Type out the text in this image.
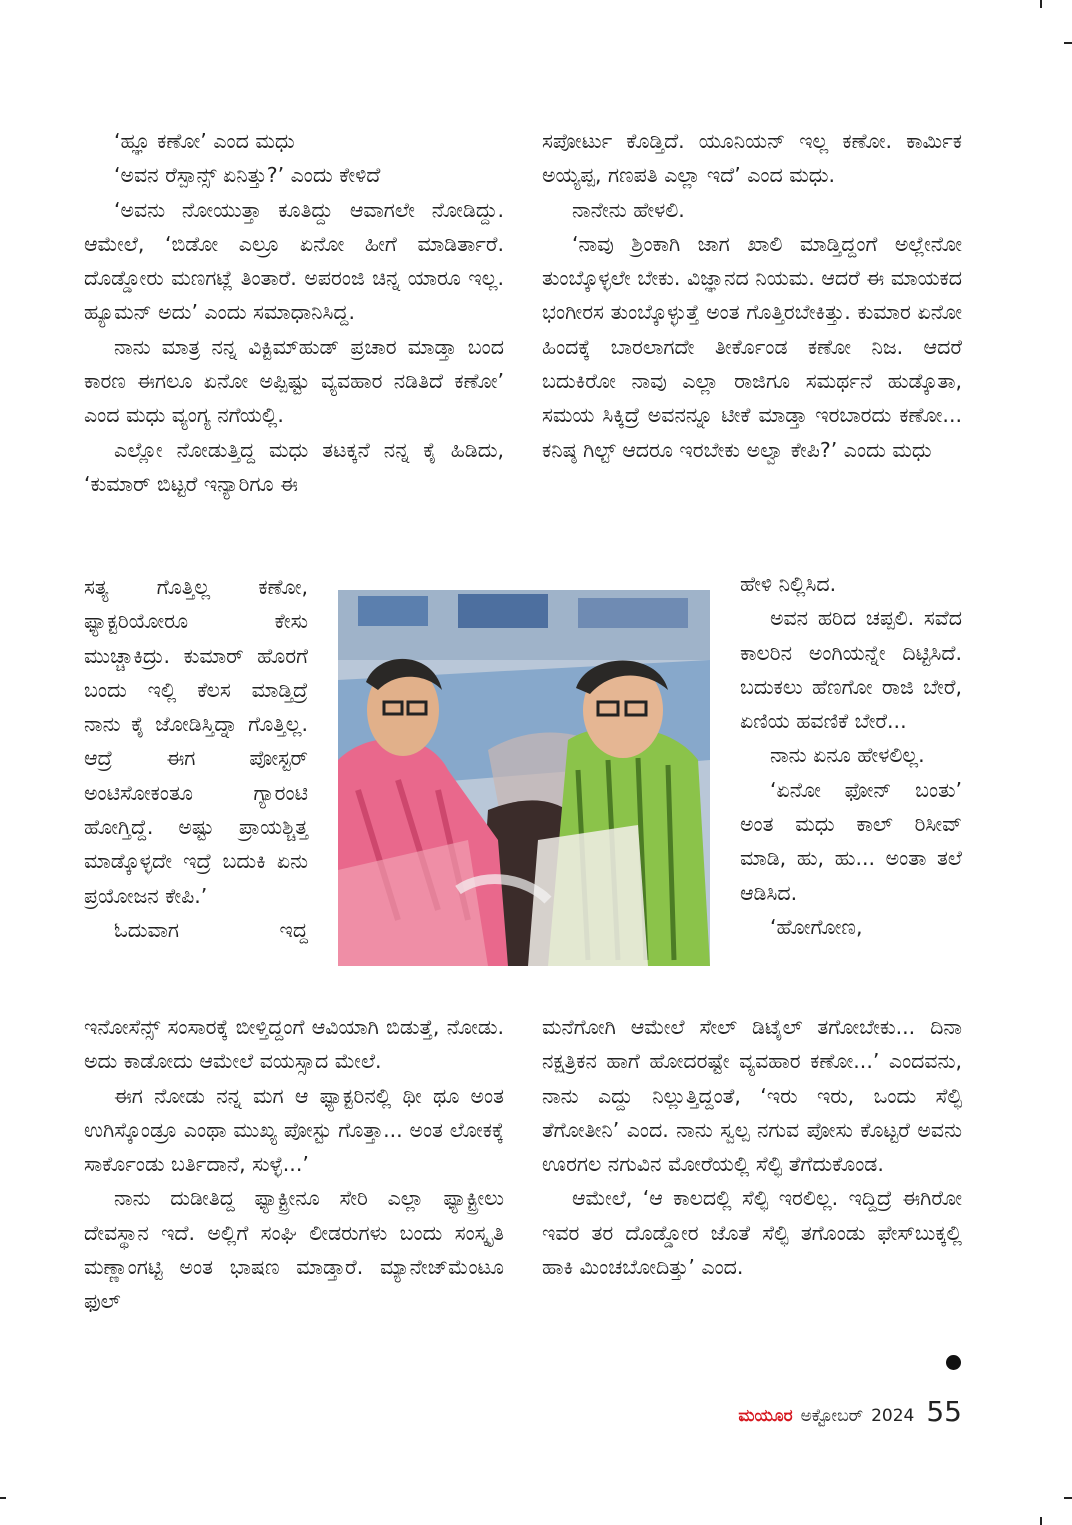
‘ಹ್ಞೂ ಕಣೋ’ ಎಂದ ಮಧು

‘ಅವನ ರೆಸ್ಪಾನ್ಸ್ ಏನಿತ್ತು?’ ಎಂದು ಕೇಳಿದೆ

‘ಅವನು ನೋಯುತ್ತಾ ಕೂತಿದ್ದು ಆವಾಗಲೇ ನೋಡಿದ್ದು. ಆಮೇಲೆ, ‘ಬಿಡೋ ಎಲ್ರೂ ಏನೋ ಹೀಗೆ ಮಾಡಿರ್ತಾರೆ. ದೊಡ್ಡೋರು ಮಣಗಟ್ಲೆ ತಿಂತಾರೆ. ಅಪರಂಜಿ ಚಿನ್ನ ಯಾರೂ ಇಲ್ಲ. ಹ್ಯೂಮನ್ ಅದು’ ಎಂದು ಸಮಾಧಾನಿಸಿದ್ದ.

ನಾನು ಮಾತ್ರ ನನ್ನ ವಿಕ್ಟಿಮ್‌ಹುಡ್ ಪ್ರಚಾರ ಮಾಡ್ತಾ ಬಂದ ಕಾರಣ ಈಗಲೂ ಏನೋ ಅಪ್ಪಿಷ್ಟು ವ್ಯವಹಾರ ನಡಿತಿದೆ ಕಣೋ’ ಎಂದ ಮಧು ವ್ಯಂಗ್ಯ ನಗೆಯಲ್ಲಿ.

ಎಲ್ಲೋ ನೋಡುತ್ತಿದ್ದ ಮಧು ತಟಕ್ಕನೆ ನನ್ನ ಕೈ ಹಿಡಿದು, ‘ಕುಮಾರ್ ಬಿಟ್ಟರೆ ಇನ್ಯಾರಿಗೂ ಈ

ಸತ್ಯ ಗೊತ್ತಿಲ್ಲ ಕಣೋ, ಫ್ಯಾಕ್ಟರಿಯೋರೂ ಕೇಸು ಮುಚ್ಚಾಕಿದ್ರು. ಕುಮಾರ್ ಹೊರಗೆ ಬಂದು ಇಲ್ಲಿ ಕೆಲಸ ಮಾಡ್ತಿದ್ರೆ ನಾನು ಕೈ ಜೋಡಿಸ್ತಿದ್ನಾ ಗೊತ್ತಿಲ್ಲ. ಆದ್ರೆ ಈಗ ಪೋಸ್ಟರ್ ಅಂಟಿಸೋಕಂತೂ ಗ್ಯಾರಂಟಿ ಹೋಗ್ತಿದ್ದೆ. ಅಷ್ಟು ಪ್ರಾಯಶ್ಚಿತ್ತ ಮಾಡ್ಕೊಳ್ಳದೇ ಇದ್ರೆ ಬದುಕಿ ಏನು ಪ್ರಯೋಜನ ಕೇಪಿ.’

ಓದುವಾಗ ಇದ್ದ

ಇನೋಸೆನ್ಸ್ ಸಂಸಾರಕ್ಕೆ ಬೀಳ್ತಿದ್ದಂಗೆ ಆವಿಯಾಗಿ ಬಿಡುತ್ತೆ, ನೋಡು. ಅದು ಕಾಡೋದು ಆಮೇಲೆ ವಯಸ್ಸಾದ ಮೇಲೆ.

ಈಗ ನೋಡು ನನ್ನ ಮಗ ಆ ಫ್ಯಾಕ್ಟರಿನಲ್ಲಿ ಥೀ ಥೂ ಅಂತ ಉಗಿಸ್ಕೊಂಡ್ರೂ ಎಂಥಾ ಮುಖ್ಯ ಪೋಸ್ಟು ಗೊತ್ತಾ... ಅಂತ ಲೋಕಕ್ಕೆ ಸಾರ್ಕೊಂಡು ಬರ್ತಿದಾನೆ, ಸುಳ್ಳೆ...’

ನಾನು ದುಡೀತಿದ್ದ ಫ್ಯಾಕ್ಟ್ರೀನೂ ಸೇರಿ ಎಲ್ಲಾ ಫ್ಯಾಕ್ಟ್ರೀಲು ದೇವಸ್ಥಾನ ಇದೆ. ಅಲ್ಲಿಗೆ ಸಂಘಿ ಲೀಡರುಗಳು ಬಂದು ಸಂಸ್ಕೃತಿ ಮಣ್ಣಾಂಗಟ್ಟಿ ಅಂತ ಭಾಷಣ ಮಾಡ್ತಾರೆ. ಮ್ಯಾನೇಜ್‌ಮೆಂಟೂ ಫುಲ್

ಸಪೋರ್ಟು ಕೊಡ್ತಿದೆ. ಯೂನಿಯನ್ ಇಲ್ಲ ಕಣೋ. ಕಾರ್ಮಿಕ ಅಯ್ಯಪ್ಪ, ಗಣಪತಿ ಎಲ್ಲಾ ಇದೆ’ ಎಂದ ಮಧು.

ನಾನೇನು ಹೇಳಲಿ.

‘ನಾವು ಶ್ರಿಂಕಾಗಿ ಜಾಗ ಖಾಲಿ ಮಾಡ್ತಿದ್ದಂಗೆ ಅಲ್ಲೇನೋ ತುಂಬ್ಕೊಳ್ಳಲೇ ಬೇಕು. ವಿಜ್ಞಾನದ ನಿಯಮ. ಆದರೆ ಈ ಮಾಯಕದ ಭಂಗೀರಸ ತುಂಬ್ಕೊಳ್ಳುತ್ತೆ ಅಂತ ಗೊತ್ತಿರಬೇಕಿತ್ತು. ಕುಮಾರ ಏನೋ ಹಿಂದಕ್ಕೆ ಬಾರಲಾಗದೇ ತೀರ್ಕೊಂಡ ಕಣೋ ನಿಜ. ಆದರೆ ಬದುಕಿರೋ ನಾವು ಎಲ್ಲಾ ರಾಜಿಗೂ ಸಮರ್ಥನೆ ಹುಡ್ಕೊತಾ, ಸಮಯ ಸಿಕ್ಕಿದ್ರೆ ಅವನನ್ನೂ ಟೀಕೆ ಮಾಡ್ತಾ ಇರಬಾರದು ಕಣೋ... ಕನಿಷ್ಠ ಗಿಲ್ಟ್ ಆದರೂ ಇರಬೇಕು ಅಲ್ವಾ ಕೇಪಿ?’ ಎಂದು ಮಧು

ಹೇಳಿ ನಿಲ್ಲಿಸಿದ.

ಅವನ ಹರಿದ ಚಪ್ಪಲಿ. ಸವೆದ ಕಾಲರಿನ ಅಂಗಿಯನ್ನೇ ದಿಟ್ಟಿಸಿದೆ. ಬದುಕಲು ಹೆಣಗೋ ರಾಜಿ ಬೇರೆ, ಏಣಿಯ ಹವಣಿಕೆ ಬೇರೆ...

ನಾನು ಏನೂ ಹೇಳಲಿಲ್ಲ.

‘ಏನೋ ಫೋನ್ ಬಂತು’ ಅಂತ ಮಧು ಕಾಲ್ ರಿಸೀವ್ ಮಾಡಿ, ಹು, ಹು... ಅಂತಾ ತಲೆ ಆಡಿಸಿದ.

‘ಹೋಗೋಣ,

ಮನೆಗೋಗಿ ಆಮೇಲೆ ಸೇಲ್ ಡಿಟೈಲ್ ತಗೋಬೇಕು... ದಿನಾ ನಕ್ಷತ್ರಿಕನ ಹಾಗೆ ಹೋದರಷ್ಟೇ ವ್ಯವಹಾರ ಕಣೋ...’ ಎಂದವನು, ನಾನು ಎದ್ದು ನಿಲ್ಲುತ್ತಿದ್ದಂತೆ, ‘ಇರು ಇರು, ಒಂದು ಸೆಲ್ಫಿ ತೆಗೋತೀನಿ’ ಎಂದ. ನಾನು ಸ್ವಲ್ಪ ನಗುವ ಪೋಸು ಕೊಟ್ಟರೆ ಅವನು ಊರಗಲ ನಗುವಿನ ಮೋರೆಯಲ್ಲಿ ಸೆಲ್ಫಿ ತೆಗೆದುಕೊಂಡ.

ಆಮೇಲೆ, ‘ಆ ಕಾಲದಲ್ಲಿ ಸೆಲ್ಫಿ ಇರಲಿಲ್ಲ. ಇದ್ದಿದ್ರೆ ಈಗಿರೋ ಇವರ ತರ ದೊಡ್ಡೋರ ಜೊತೆ ಸೆಲ್ಫಿ ತಗೊಂಡು ಫೇಸ್‌ಬುಕ್ಕಲ್ಲಿ ಹಾಕಿ ಮಿಂಚಬೋದಿತ್ತು’ ಎಂದ.

ಮಯೂರ ಅಕ್ಟೋಬರ್ 2024 55
